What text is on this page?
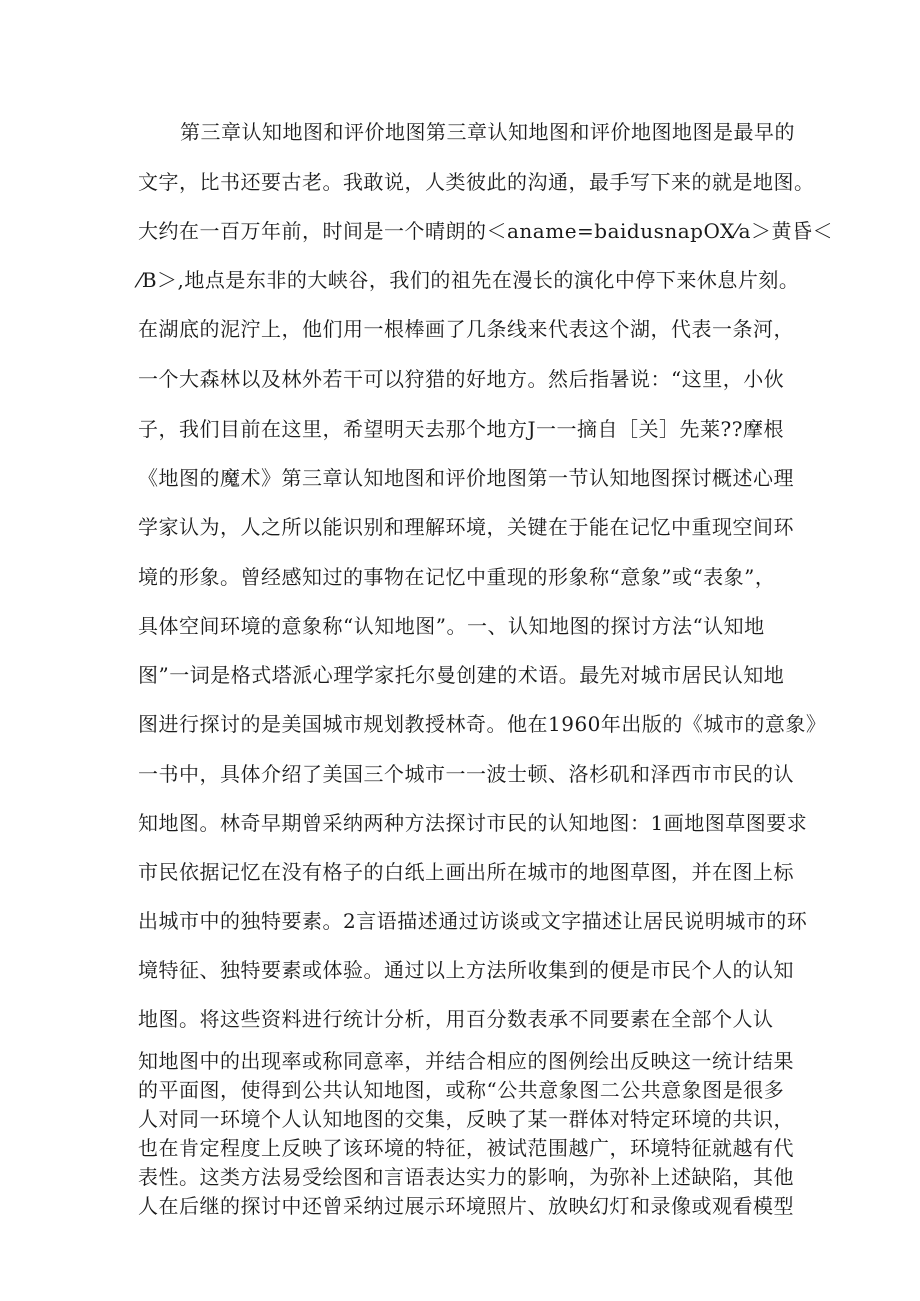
第三章认知地图和评价地图第三章认知地图和评价地图地图是最早的
文字，比书还要古老。我敢说，人类彼此的沟通，最手写下来的就是地图。
大约在一百万年前，时间是一个晴朗的＜aname=baidusnapOX⁄a＞黄昏＜
⁄B＞,地点是东非的大峡谷，我们的祖先在漫长的演化中停下来休息片刻。
在湖底的泥泞上，他们用一根棒画了几条线来代表这个湖，代表一条河，
一个大森林以及林外若干可以狩猎的好地方。然后指暑说：“这里，小伙
子，我们目前在这里，希望明天去那个地方J一一摘自［关］先莱??摩根
《地图的魔术》第三章认知地图和评价地图第一节认知地图探讨概述心理
学家认为，人之所以能识别和理解环境，关键在于能在记忆中重现空间环
境的形象。曾经感知过的事物在记忆中重现的形象称“意象”或“表象”，
具体空间环境的意象称“认知地图”。一、认知地图的探讨方法“认知地
图”一词是格式塔派心理学家托尔曼创建的术语。最先对城市居民认知地
图进行探讨的是美国城市规划教授林奇。他在1960年出版的《城市的意象》
一书中，具体介绍了美国三个城市一一波士顿、洛杉矶和泽西市市民的认
知地图。林奇早期曾采纳两种方法探讨市民的认知地图：1画地图草图要求
市民依据记忆在没有格子的白纸上画出所在城市的地图草图，并在图上标
出城市中的独特要素。2言语描述通过访谈或文字描述让居民说明城市的环
境特征、独特要素或体验。通过以上方法所收集到的便是市民个人的认知
地图。将这些资料进行统计分析，用百分数表承不同要素在全部个人认
知地图中的出现率或称同意率，并结合相应的图例绘出反映这一统计结果
的平面图，使得到公共认知地图，或称“公共意象图二公共意象图是很多
人对同一环境个人认知地图的交集，反映了某一群体对特定环境的共识，
也在肯定程度上反映了该环境的特征，被试范围越广，环境特征就越有代
表性。这类方法易受绘图和言语表达实力的影响，为弥补上述缺陷，其他
人在后继的探讨中还曾采纳过展示环境照片、放映幻灯和录像或观看模型
